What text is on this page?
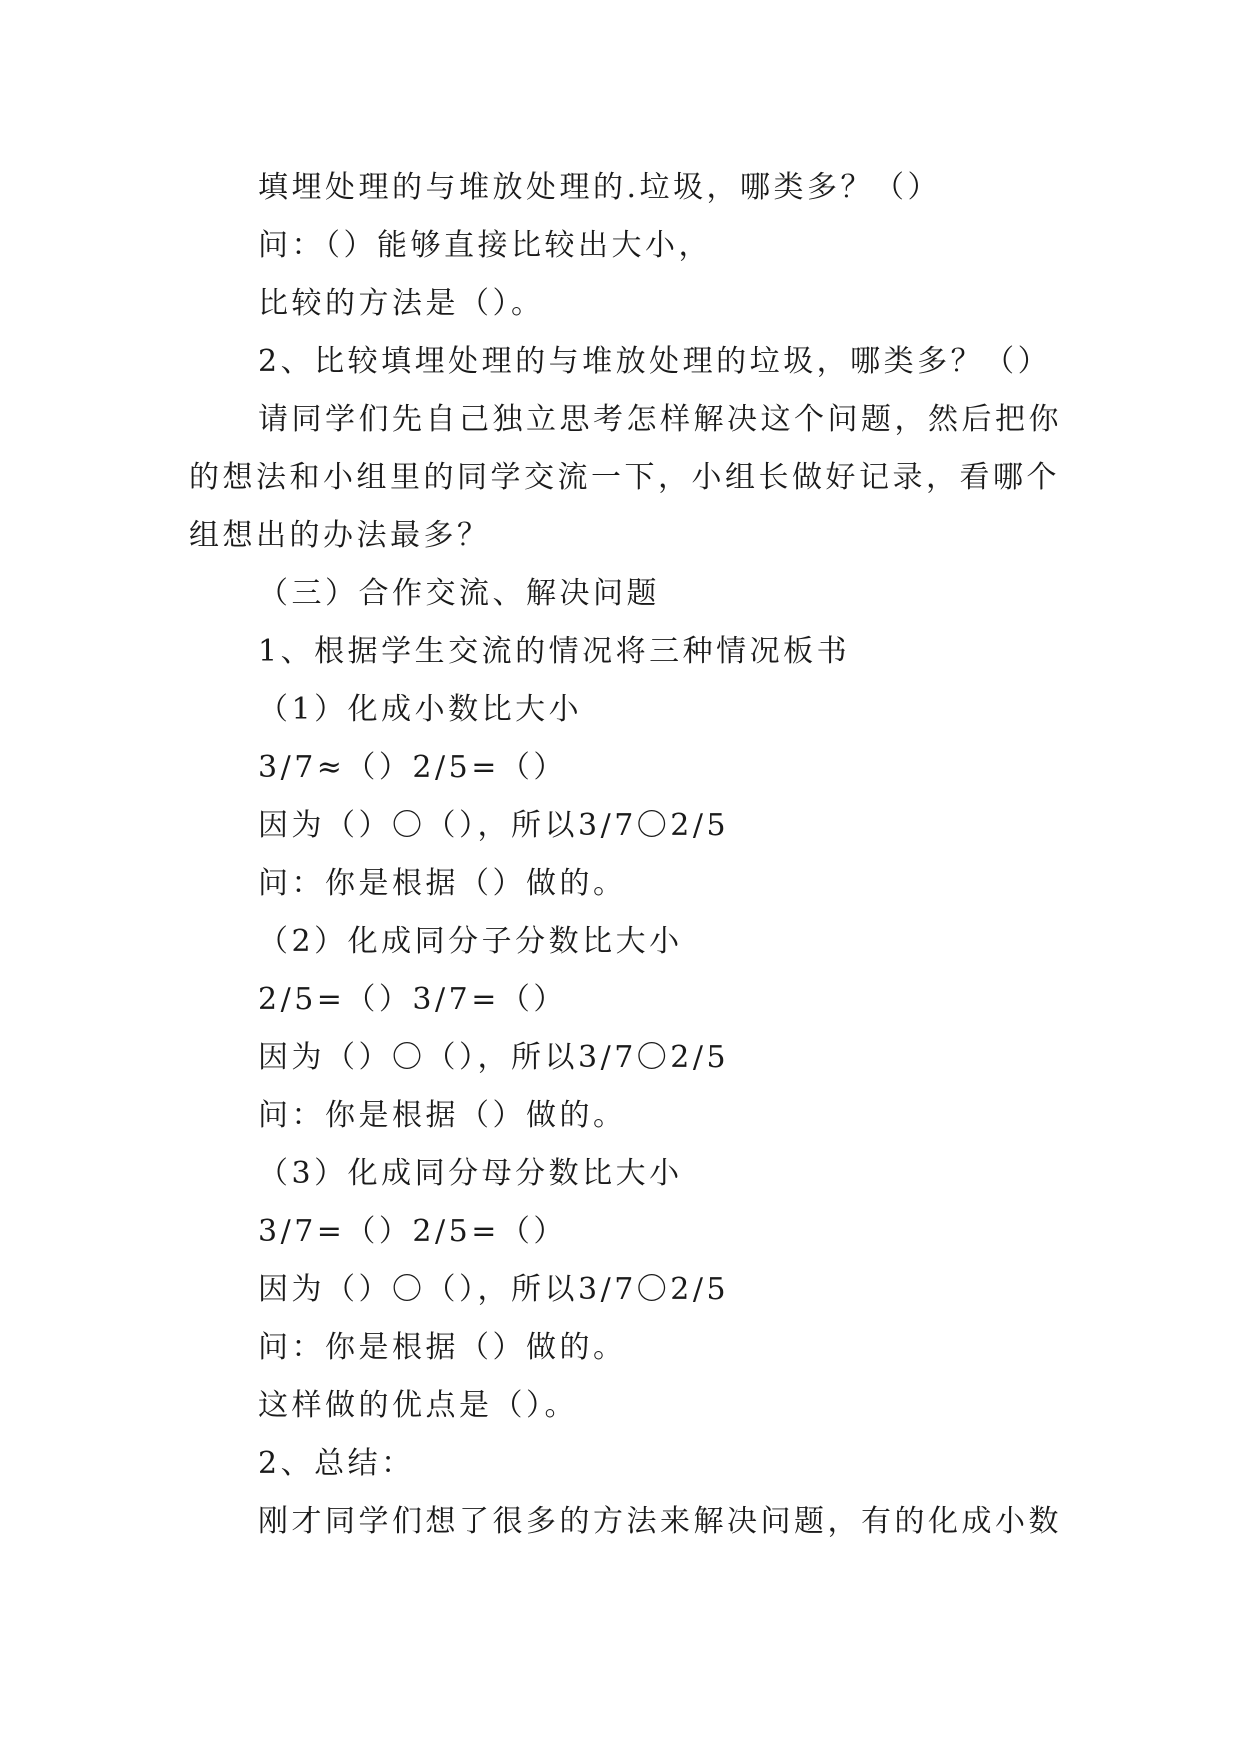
填埋处理的与堆放处理的.垃圾，哪类多？（）
问：（）能够直接比较出大小，
比较的方法是（）。
2、比较填埋处理的与堆放处理的垃圾，哪类多？（）
请同学们先自己独立思考怎样解决这个问题，然后把你
的想法和小组里的同学交流一下，小组长做好记录，看哪个
组想出的办法最多？
（三）合作交流、解决问题
1、根据学生交流的情况将三种情况板书
（1）化成小数比大小
3/7≈（）2/5=（）
因为（）〇（），所以3/7〇2/5
问：你是根据（）做的。
（2）化成同分子分数比大小
2/5=（）3/7=（）
因为（）〇（），所以3/7〇2/5
问：你是根据（）做的。
（3）化成同分母分数比大小
3/7=（）2/5=（）
因为（）〇（），所以3/7〇2/5
问：你是根据（）做的。
这样做的优点是（）。
2、总结：
刚才同学们想了很多的方法来解决问题，有的化成小数
